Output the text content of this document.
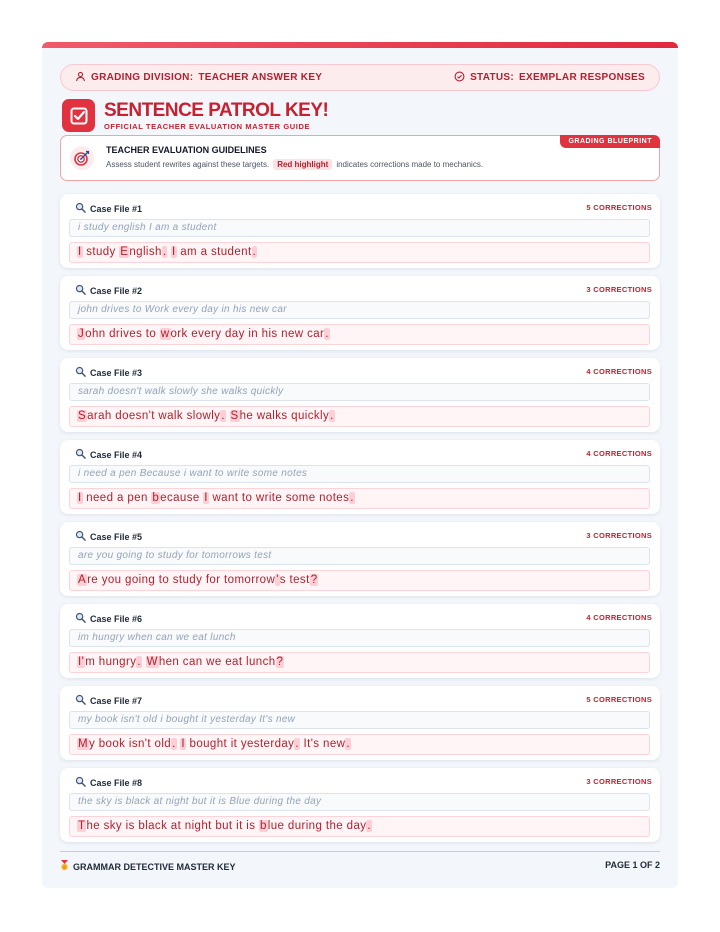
GRADING DIVISION: TEACHER ANSWER KEY	STATUS: EXEMPLAR RESPONSES
SENTENCE PATROL KEY!
OFFICIAL TEACHER EVALUATION MASTER GUIDE
GRADING BLUEPRINT
TEACHER EVALUATION GUIDELINES
Assess student rewrites against these targets.	Red highlight	indicates corrections made to mechanics.
Case File #1	5 CORRECTIONS
i study english I am a student
I study English. I am a student.
Case File #2	3 CORRECTIONS
john drives to Work every day in his new car
John drives to work every day in his new car.
Case File #3	4 CORRECTIONS
sarah doesn't walk slowly she walks quickly
Sarah doesn't walk slowly. She walks quickly.
Case File #4	4 CORRECTIONS
i need a pen Because i want to write some notes
I need a pen because I want to write some notes.
Case File #5	3 CORRECTIONS
are you going to study for tomorrows test
Are you going to study for tomorrow's test?
Case File #6	4 CORRECTIONS
im hungry when can we eat lunch
I'm hungry. When can we eat lunch?
Case File #7	5 CORRECTIONS
my book isn't old i bought it yesterday It's new
My book isn't old. I bought it yesterday. It's new.
Case File #8	3 CORRECTIONS
the sky is black at night but it is Blue during the day
The sky is black at night but it is blue during the day.
GRAMMAR DETECTIVE MASTER KEY	PAGE 1 OF 2
